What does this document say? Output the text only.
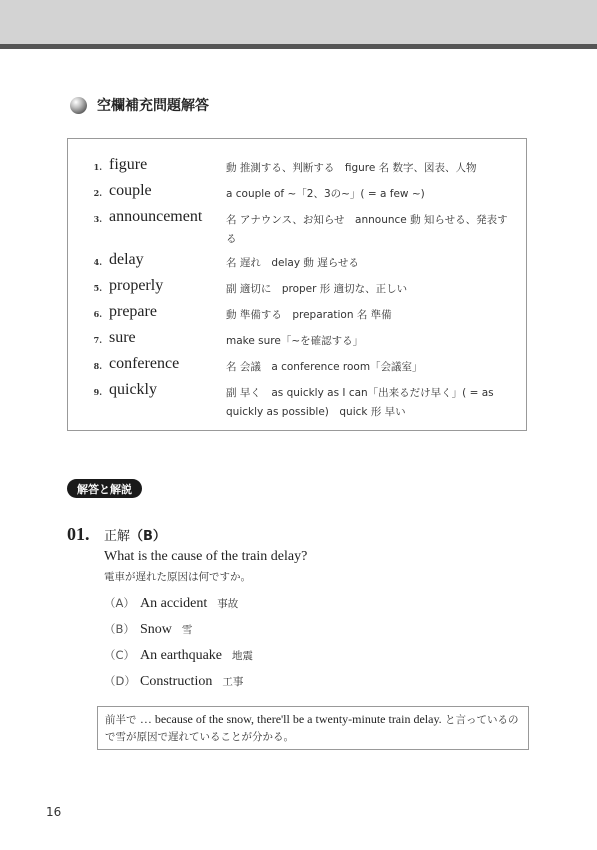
空欄補充問題解答
1 . figure	動 推測する、判断する　figure 名 数字、図表、人物
2 . couple	a couple of ~「2、3の~」( = a few ~)
3 . announcement 名 アナウンス、お知らせ　announce 動 知らせる、発表する
4 . delay	名 遅れ　delay 動 遅らせる
5 . properly	副 適切に　proper 形 適切な、正しい
6 . prepare	動 準備する　preparation 名 準備
7 . sure	make sure「~を確認する」
8 . conference	名 会議　a conference room「会議室」
9 . quickly	副 早く　as quickly as I can「出来るだけ早く」( = as quickly as possible)　quick 形 早い
解答と解説
01. 正解（B）
What is the cause of the train delay?
電車が遅れた原因は何ですか。
（A） An accident 事故
（B） Snow 雪
（C） An earthquake 地震
（D） Construction 工事
前半で … because of the snow, there'll be a twenty-minute train delay. と言っているので雪が原因で遅れていることが分かる。
16
